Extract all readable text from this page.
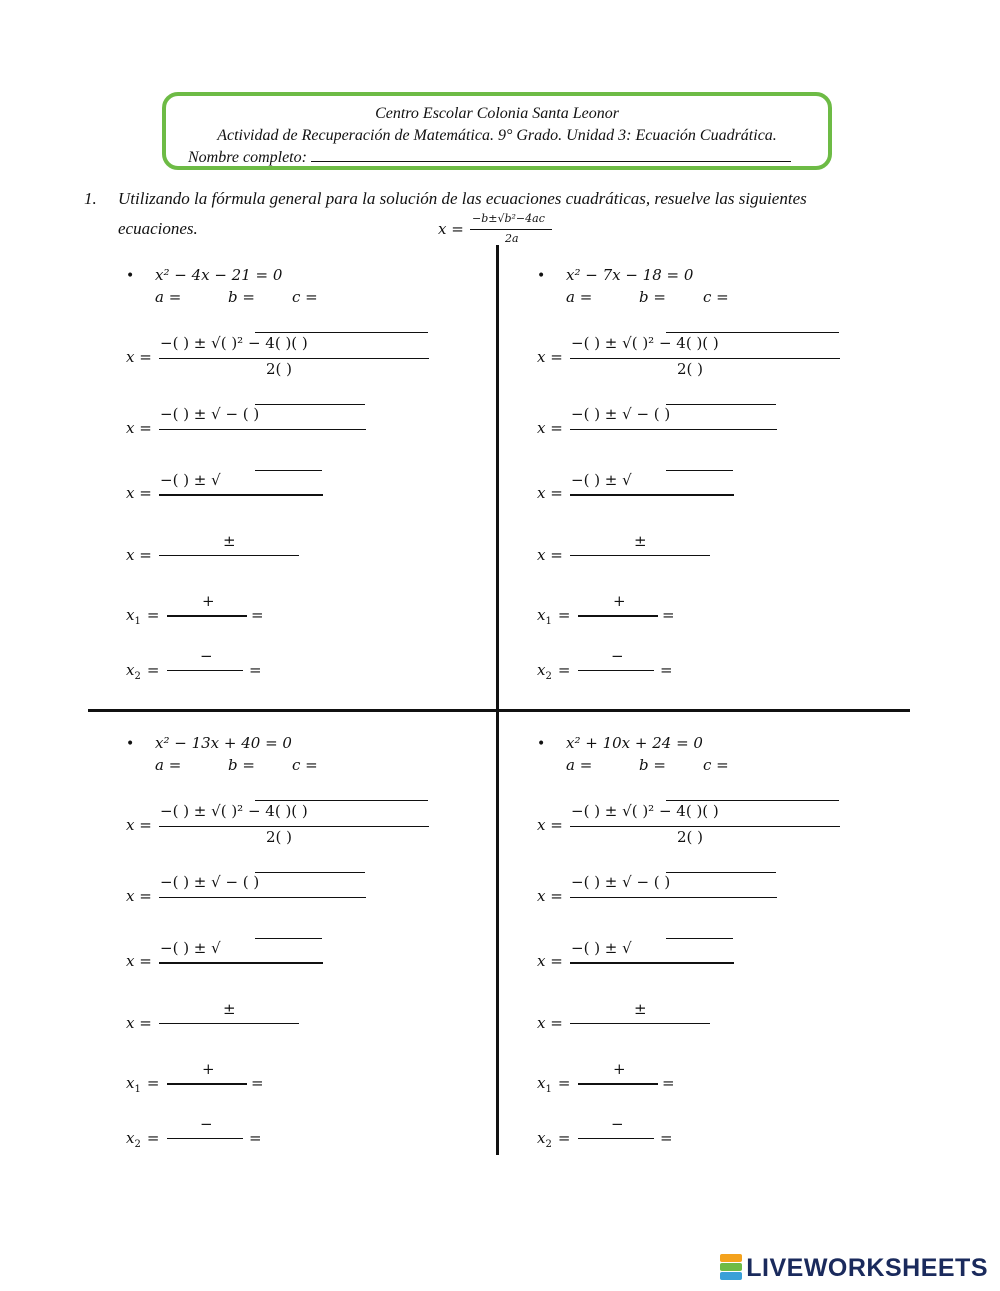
Centro Escolar Colonia Santa Leonor
Actividad de Recuperación de Matemática. 9° Grado. Unidad 3: Ecuación Cuadrática.
Nombre completo:
1. Utilizando la fórmula general para la solución de las ecuaciones cuadráticas, resuelve las siguientes
ecuaciones.	x =
−b±√b²−4ac
2a
• x² − 4x − 21 = 0
a =	b = c =
x =
−( ) ± √( )² − 4( )( )
2( )
x =
−( ) ± √ − ( )
x =
−( ) ± √
x =
±
$x_1$ =
+
=
$x_2$ =
−
=
• x² − 7x − 18 = 0
a =	b = c =
x =
−( ) ± √( )² − 4( )( )
2( )
x =
−( ) ± √ − ( )
x =
−( ) ± √
x =
±
$x_1$ =
+
=
$x_2$ =
−
=
• x² − 13x + 40 = 0
a =	b = c =
x =
−( ) ± √( )² − 4( )( )
2( )
x =
−( ) ± √ − ( )
x =
−( ) ± √
x =
±
$x_1$ =
+
=
$x_2$ =
−
=
• x² + 10x + 24 = 0
a =	b = c =
x =
−( ) ± √( )² − 4( )( )
2( )
x =
−( ) ± √ − ( )
x =
−( ) ± √
x =
±
$x_1$ =
+
=
$x_2$ =
−
=
LIVEWORKSHEETS
